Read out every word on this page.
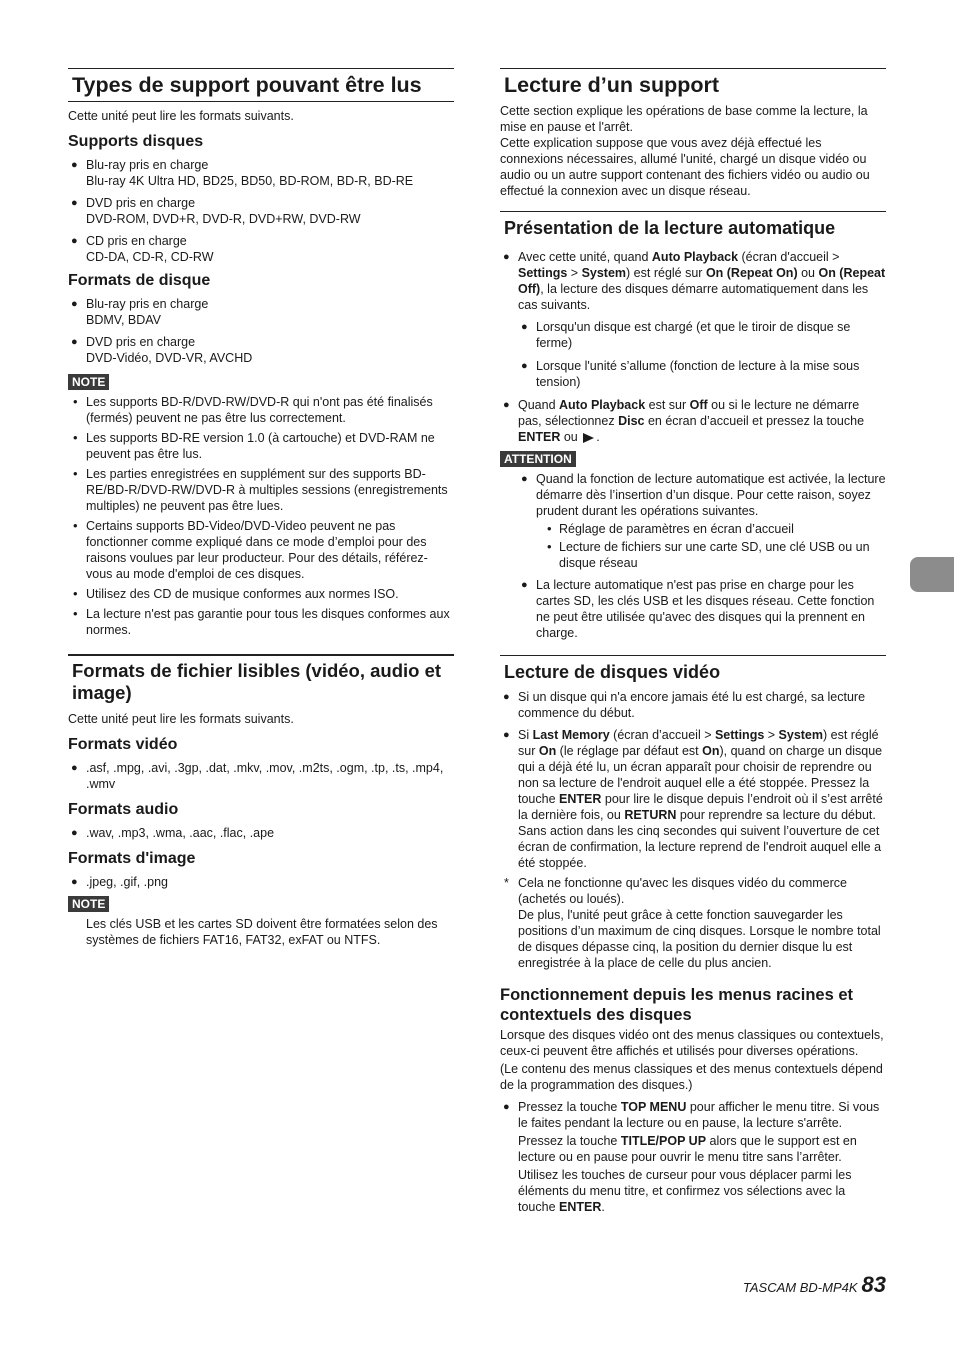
Types de support pouvant être lus

Cette unité peut lire les formats suivants.

Supports disques
● Blu-ray pris en charge
Blu-ray 4K Ultra HD, BD25, BD50, BD-ROM, BD-R, BD-RE
● DVD pris en charge
DVD-ROM, DVD+R, DVD-R, DVD+RW, DVD-RW
● CD pris en charge
CD-DA, CD-R, CD-RW
Formats de disque
● Blu-ray pris en charge
BDMV, BDAV
● DVD pris en charge
DVD-Vidéo, DVD-VR, AVCHD
NOTE
• Les supports BD-R/DVD-RW/DVD-R qui n'ont pas été finalisés (fermés) peuvent ne pas être lus correctement.
• Les supports BD-RE version 1.0 (à cartouche) et DVD-RAM ne peuvent pas être lus.
• Les parties enregistrées en supplément sur des supports BD-RE/BD-R/DVD-RW/DVD-R à multiples sessions (enregistrements multiples) ne peuvent pas être lues.
• Certains supports BD-Video/DVD-Video peuvent ne pas fonctionner comme expliqué dans ce mode d’emploi pour des raisons voulues par leur producteur. Pour des détails, référez-vous au mode d'emploi de ces disques.
• Utilisez des CD de musique conformes aux normes ISO.
• La lecture n'est pas garantie pour tous les disques conformes aux normes.
Formats de fichier lisibles (vidéo, audio et image)

Cette unité peut lire les formats suivants.

Formats vidéo
● .asf, .mpg, .avi, .3gp, .dat, .mkv, .mov, .m2ts, .ogm, .tp, .ts, .mp4, .wmv
Formats audio
● .wav, .mp3, .wma, .aac, .flac, .ape
Formats d'image
● .jpeg, .gif, .png
NOTE

Les clés USB et les cartes SD doivent être formatées selon des systèmes de fichiers FAT16, FAT32, exFAT ou NTFS.

Lecture d’un support

Cette section explique les opérations de base comme la lecture, la mise en pause et l'arrêt.

Cette explication suppose que vous avez déjà effectué les connexions nécessaires, allumé l'unité, chargé un disque vidéo ou audio ou un autre support contenant des fichiers vidéo ou audio ou effectué la connexion avec un disque réseau.

Présentation de la lecture automatique
● Avec cette unité, quand Auto Playback (écran d'accueil > Settings > System) est réglé sur On (Repeat On) ou On (Repeat Off), la lecture des disques démarre automatiquement dans les cas suivants.
● Lorsqu'un disque est chargé (et que le tiroir de disque se ferme)
● Lorsque l'unité s’allume (fonction de lecture à la mise sous tension)
● Quand Auto Playback est sur Off ou si le lecture ne démarre pas, sélectionnez Disc en écran d’accueil et pressez la touche ENTER ou .
ATTENTION
● Quand la fonction de lecture automatique est activée, la lecture démarre dès l’insertion d’un disque. Pour cette raison, soyez prudent durant les opérations suivantes.
• Réglage de paramètres en écran d’accueil
• Lecture de fichiers sur une carte SD, une clé USB ou un disque réseau
● La lecture automatique n'est pas prise en charge pour les cartes SD, les clés USB et les disques réseau. Cette fonction ne peut être utilisée qu'avec des disques qui la prennent en charge.
Lecture de disques vidéo
● Si un disque qui n'a encore jamais été lu est chargé, sa lecture commence du début.
● Si Last Memory (écran d’accueil > Settings > System) est réglé sur On (le réglage par défaut est On), quand on charge un disque qui a déjà été lu, un écran apparaît pour choisir de reprendre ou non sa lecture de l'endroit auquel elle a été stoppée. Pressez la touche ENTER pour lire le disque depuis l’endroit où il s’est arrêté la dernière fois, ou RETURN pour reprendre sa lecture du début. Sans action dans les cinq secondes qui suivent l’ouverture de cet écran de confirmation, la lecture reprend de l'endroit auquel elle a été stoppée.
* Cela ne fonctionne qu'avec les disques vidéo du commerce (achetés ou loués).
De plus, l'unité peut grâce à cette fonction sauvegarder les positions d’un maximum de cinq disques. Lorsque le nombre total de disques dépasse cinq, la position du dernier disque lu est enregistrée à la place de celle du plus ancien.
Fonctionnement depuis les menus racines et contextuels des disques

Lorsque des disques vidéo ont des menus classiques ou contextuels, ceux-ci peuvent être affichés et utilisés pour diverses opérations.

(Le contenu des menus classiques et des menus contextuels dépend de la programmation des disques.)

● Pressez la touche TOP MENU pour afficher le menu titre. Si vous le faites pendant la lecture ou en pause, la lecture s'arrête.

Pressez la touche TITLE/POP UP alors que le support est en lecture ou en pause pour ouvrir le menu titre sans l’arrêter.

Utilisez les touches de curseur pour vous déplacer parmi les éléments du menu titre, et confirmez vos sélections avec la touche ENTER.

TASCAM BD-MP4K 83
